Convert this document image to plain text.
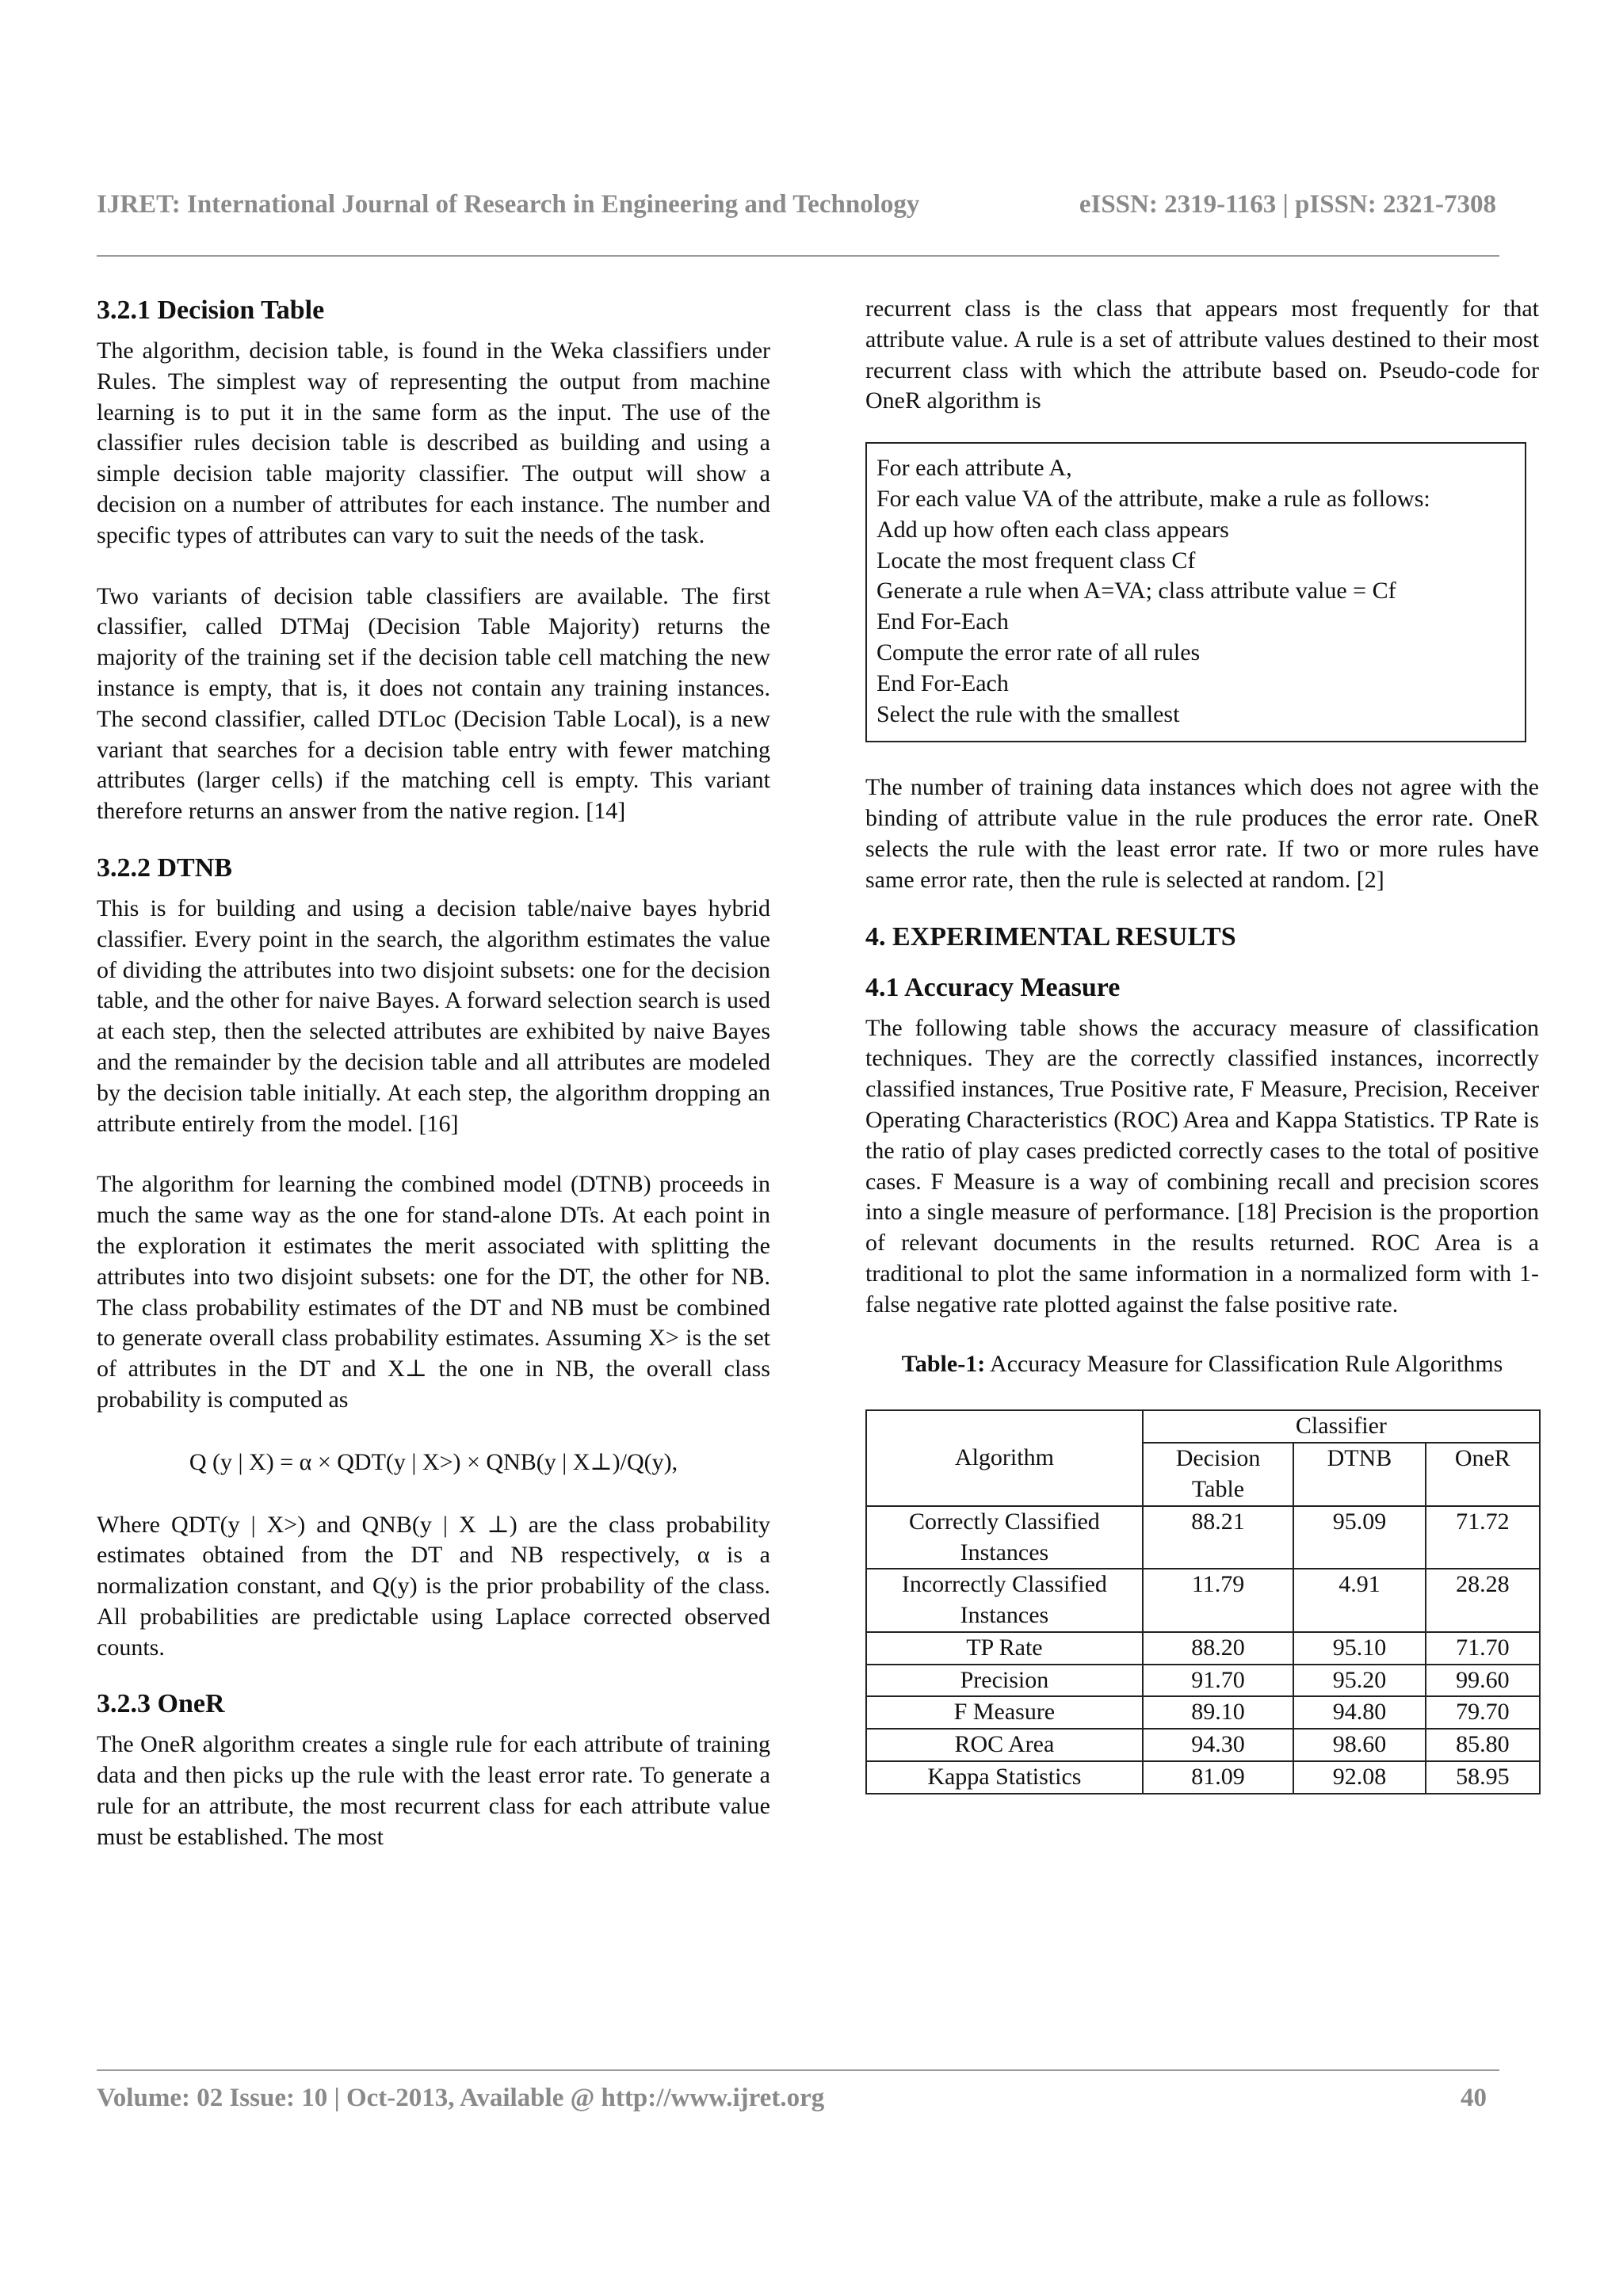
IJRET: International Journal of Research in Engineering and Technology	eISSN: 2319-1163 | pISSN: 2321-7308
3.2.1 Decision Table

The algorithm, decision table, is found in the Weka classifiers under Rules. The simplest way of representing the output from machine learning is to put it in the same form as the input. The use of the classifier rules decision table is described as building and using a simple decision table majority classifier. The output will show a decision on a number of attributes for each instance. The number and specific types of attributes can vary to suit the needs of the task.

Two variants of decision table classifiers are available. The first classifier, called DTMaj (Decision Table Majority) returns the majority of the training set if the decision table cell matching the new instance is empty, that is, it does not contain any training instances. The second classifier, called DTLoc (Decision Table Local), is a new variant that searches for a decision table entry with fewer matching attributes (larger cells) if the matching cell is empty. This variant therefore returns an answer from the native region. [14]

3.2.2 DTNB

This is for building and using a decision table/naive bayes hybrid classifier. Every point in the search, the algorithm estimates the value of dividing the attributes into two disjoint subsets: one for the decision table, and the other for naive Bayes. A forward selection search is used at each step, then the selected attributes are exhibited by naive Bayes and the remainder by the decision table and all attributes are modeled by the decision table initially. At each step, the algorithm dropping an attribute entirely from the model. [16]

The algorithm for learning the combined model (DTNB) proceeds in much the same way as the one for stand-alone DTs. At each point in the exploration it estimates the merit associated with splitting the attributes into two disjoint subsets: one for the DT, the other for NB. The class probability estimates of the DT and NB must be combined to generate overall class probability estimates. Assuming X> is the set of attributes in the DT and X⊥ the one in NB, the overall class probability is computed as

Q (y | X) = α × QDT(y | X>) × QNB(y | X⊥)/Q(y),

Where QDT(y | X>) and QNB(y | X ⊥) are the class probability estimates obtained from the DT and NB respectively, α is a normalization constant, and Q(y) is the prior probability of the class. All probabilities are predictable using Laplace corrected observed counts.

3.2.3 OneR

The OneR algorithm creates a single rule for each attribute of training data and then picks up the rule with the least error rate. To generate a rule for an attribute, the most recurrent class for each attribute value must be established. The most

recurrent class is the class that appears most frequently for that attribute value. A rule is a set of attribute values destined to their most recurrent class with which the attribute based on. Pseudo-code for OneR algorithm is

For each attribute A,
For each value VA of the attribute, make a rule as follows:
Add up how often each class appears
Locate the most frequent class Cf
Generate a rule when A=VA; class attribute value = Cf
End For-Each
Compute the error rate of all rules
End For-Each
Select the rule with the smallest

The number of training data instances which does not agree with the binding of attribute value in the rule produces the error rate. OneR selects the rule with the least error rate. If two or more rules have same error rate, then the rule is selected at random. [2]

4. EXPERIMENTAL RESULTS
4.1 Accuracy Measure

The following table shows the accuracy measure of classification techniques. They are the correctly classified instances, incorrectly classified instances, True Positive rate, F Measure, Precision, Receiver Operating Characteristics (ROC) Area and Kappa Statistics. TP Rate is the ratio of play cases predicted correctly cases to the total of positive cases. F Measure is a way of combining recall and precision scores into a single measure of performance. [18] Precision is the proportion of relevant documents in the results returned. ROC Area is a traditional to plot the same information in a normalized form with 1-false negative rate plotted against the false positive rate.

Table-1: Accuracy Measure for Classification Rule Algorithms

Algorithm	Classifier		
	Decision Table	DTNB	OneR
Correctly Classified Instances	88.21	95.09	71.72
Incorrectly Classified Instances	11.79	4.91	28.28
TP Rate	88.20	95.10	71.70
Precision	91.70	95.20	99.60
F Measure	89.10	94.80	79.70
ROC Area	94.30	98.60	85.80
Kappa Statistics	81.09	92.08	58.95
Volume: 02 Issue: 10 | Oct-2013, Available @ http://www.ijret.org	40
